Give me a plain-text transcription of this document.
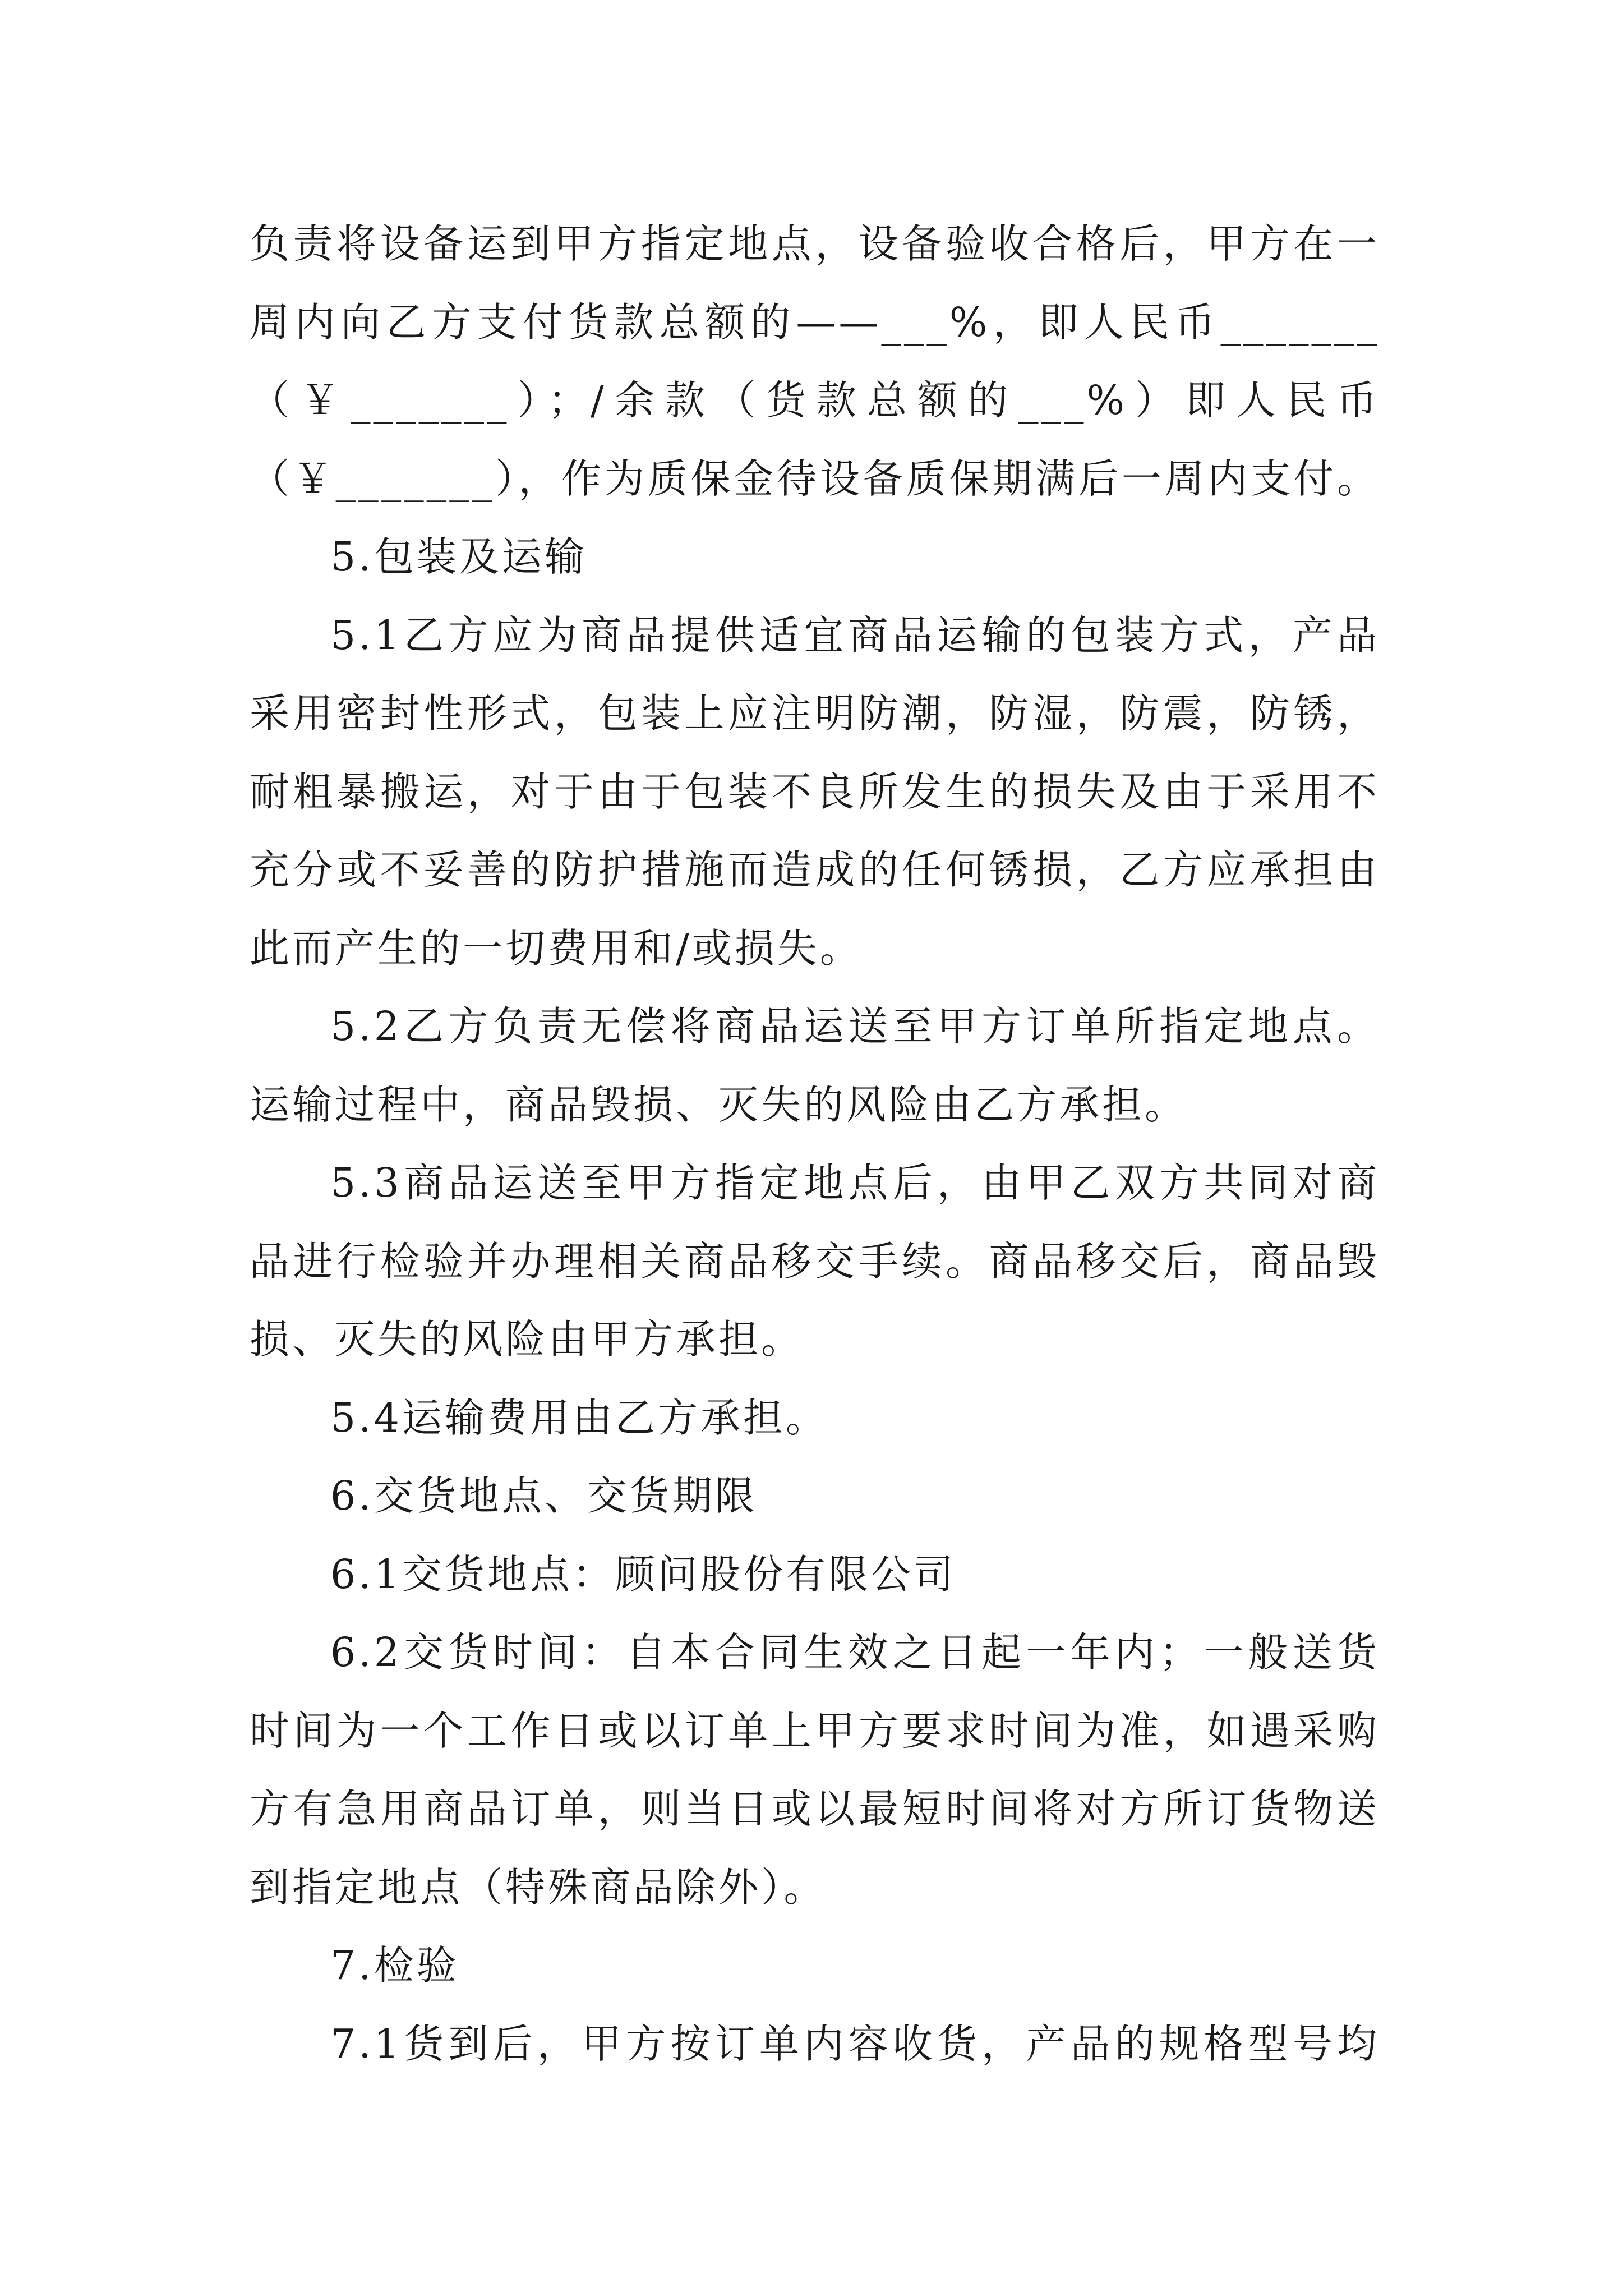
负责将设备运到甲方指定地点，设备验收合格后，甲方在一
周内向乙方支付货款总额的——___%，即人民币_______
（￥_______）；/余款（货款总额的___%）即人民币
（￥_______），作为质保金待设备质保期满后一周内支付。
5.包装及运输
5.1乙方应为商品提供适宜商品运输的包装方式，产品
采用密封性形式，包装上应注明防潮，防湿，防震，防锈，
耐粗暴搬运，对于由于包装不良所发生的损失及由于采用不
充分或不妥善的防护措施而造成的任何锈损，乙方应承担由
此而产生的一切费用和/或损失。
5.2乙方负责无偿将商品运送至甲方订单所指定地点。
运输过程中，商品毁损、灭失的风险由乙方承担。
5.3商品运送至甲方指定地点后，由甲乙双方共同对商
品进行检验并办理相关商品移交手续。商品移交后，商品毁
损、灭失的风险由甲方承担。
5.4运输费用由乙方承担。
6.交货地点、交货期限
6.1交货地点：顾问股份有限公司
6.2交货时间：自本合同生效之日起一年内；一般送货
时间为一个工作日或以订单上甲方要求时间为准，如遇采购
方有急用商品订单，则当日或以最短时间将对方所订货物送
到指定地点（特殊商品除外）。
7.检验
7.1货到后，甲方按订单内容收货，产品的规格型号均
